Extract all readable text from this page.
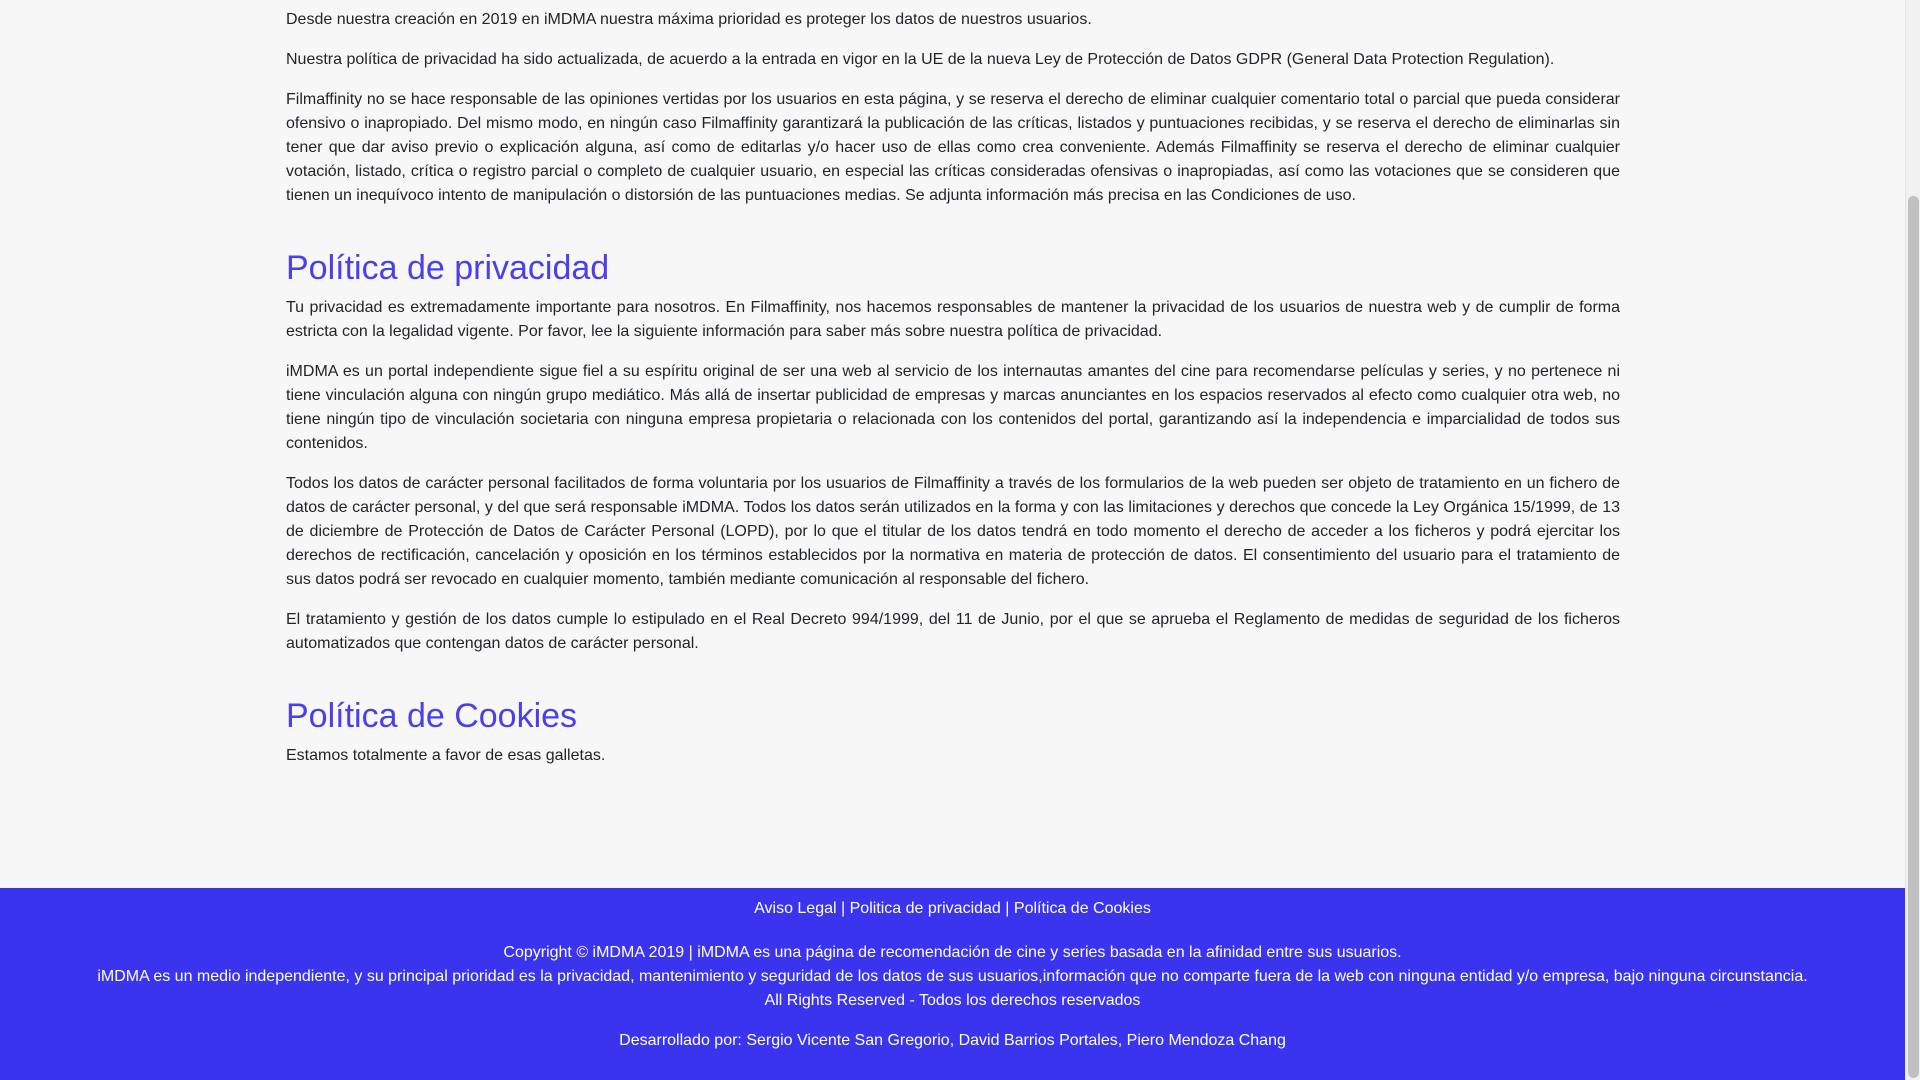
Desde nuestra creación en 2019 en iMDMA nuestra máxima prioridad es proteger los datos de nuestros usuarios.

Nuestra política de privacidad ha sido actualizada, de acuerdo a la entrada en vigor en la UE de la nueva Ley de Protección de Datos GDPR (General Data Protection Regulation).

Filmaffinity no se hace responsable de las opiniones vertidas por los usuarios en esta página, y se reserva el derecho de eliminar cualquier comentario total o parcial que pueda considerar ofensivo o inapropiado. Del mismo modo, en ningún caso Filmaffinity garantizará la publicación de las críticas, listados y puntuaciones recibidas, y se reserva el derecho de eliminarlas sin tener que dar aviso previo o explicación alguna, así como de editarlas y/o hacer uso de ellas como crea conveniente. Además Filmaffinity se reserva el derecho de eliminar cualquier votación, listado, crítica o registro parcial o completo de cualquier usuario, en especial las críticas consideradas ofensivas o inapropiadas, así como las votaciones que se consideren que tienen un inequívoco intento de manipulación o distorsión de las puntuaciones medias. Se adjunta información más precisa en las Condiciones de uso.

Política de privacidad

Tu privacidad es extremadamente importante para nosotros. En Filmaffinity, nos hacemos responsables de mantener la privacidad de los usuarios de nuestra web y de cumplir de forma estricta con la legalidad vigente. Por favor, lee la siguiente información para saber más sobre nuestra política de privacidad.

iMDMA es un portal independiente sigue fiel a su espíritu original de ser una web al servicio de los internautas amantes del cine para recomendarse películas y series, y no pertenece ni tiene vinculación alguna con ningún grupo mediático. Más allá de insertar publicidad de empresas y marcas anunciantes en los espacios reservados al efecto como cualquier otra web, no tiene ningún tipo de vinculación societaria con ninguna empresa propietaria o relacionada con los contenidos del portal, garantizando así la independencia e imparcialidad de todos sus contenidos.

Todos los datos de carácter personal facilitados de forma voluntaria por los usuarios de Filmaffinity a través de los formularios de la web pueden ser objeto de tratamiento en un fichero de datos de carácter personal, y del que será responsable iMDMA. Todos los datos serán utilizados en la forma y con las limitaciones y derechos que concede la Ley Orgánica 15/1999, de 13 de diciembre de Protección de Datos de Carácter Personal (LOPD), por lo que el titular de los datos tendrá en todo momento el derecho de acceder a los ficheros y podrá ejercitar los derechos de rectificación, cancelación y oposición en los términos establecidos por la normativa en materia de protección de datos. El consentimiento del usuario para el tratamiento de sus datos podrá ser revocado en cualquier momento, también mediante comunicación al responsable del fichero.

El tratamiento y gestión de los datos cumple lo estipulado en el Real Decreto 994/1999, del 11 de Junio, por el que se aprueba el Reglamento de medidas de seguridad de los ficheros automatizados que contengan datos de carácter personal.

Política de Cookies

Estamos totalmente a favor de esas galletas.

Aviso Legal | Politica de privacidad | Política de Cookies
Copyright © iMDMA 2019 | iMDMA es una página de recomendación de cine y series basada en la afinidad entre sus usuarios.
iMDMA es un medio independiente, y su principal prioridad es la privacidad, mantenimiento y seguridad de los datos de sus usuarios,información que no comparte fuera de la web con ninguna entidad y/o empresa, bajo ninguna circunstancia.
All Rights Reserved - Todos los derechos reservados
Desarrollado por: Sergio Vicente San Gregorio, David Barrios Portales, Piero Mendoza Chang
